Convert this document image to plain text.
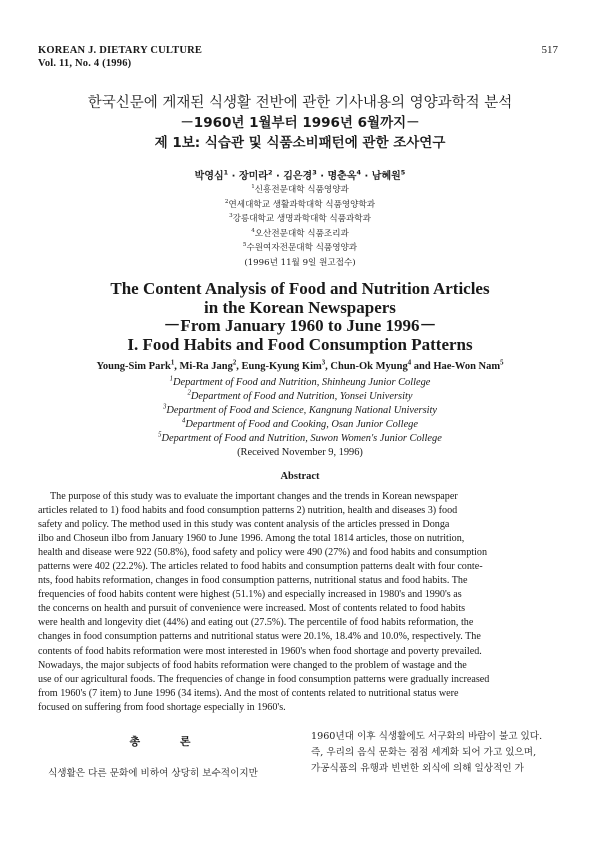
KOREAN J. DIETARY CULTURE
Vol. 11, No. 4 (1996)
517
한국신문에 게재된 식생활 전반에 관한 기사내용의 영양과학적 분석
－1960년 1월부터 1996년 6월까지－
제 1보: 식습관 및 식품소비패턴에 관한 조사연구
박영심$^1$ · 장미라$^2$ · 김은경$^3$ · 명춘옥$^4$ · 남혜원$^5$
$^1$신흥전문대학 식품영양과
$^2$연세대학교 생활과학대학 식품영양학과
$^3$강릉대학교 생명과학대학 식품과학과
$^4$오산전문대학 식품조리과
$^5$수원여자전문대학 식품영양과
(1996년 11월 9일 원고접수)
The Content Analysis of Food and Nutrition Articles
in the Korean Newspapers
－From January 1960 to June 1996－
I. Food Habits and Food Consumption Patterns
Young-Sim Park$^1$, Mi-Ra Jang$^2$, Eung-Kyung Kim$^3$, Chun-Ok Myung$^4$ and Hae-Won Nam$^5$
$^1$Department of Food and Nutrition, Shinheung Junior College
$^2$Department of Food and Nutrition, Yonsei University
$^3$Department of Food and Science, Kangnung National University
$^4$Department of Food and Cooking, Osan Junior College
$^5$Department of Food and Nutrition, Suwon Women's Junior College
(Received November 9, 1996)
Abstract
The purpose of this study was to evaluate the important changes and the trends in Korean newspaper
articles related to 1) food habits and food consumption patterns 2) nutrition, health and diseases 3) food
safety and policy. The method used in this study was content analysis of the articles pressed in Donga
ilbo and Choseun ilbo from January 1960 to June 1996. Among the total 1814 articles, those on nutrition,
health and disease were 922 (50.8%), food safety and policy were 490 (27%) and food habits and consumption
patterns were 402 (22.2%). The articles related to food habits and consumption patterns dealt with four conte-
nts, food habits reformation, changes in food consumption patterns, nutritional status and food habits. The
frequencies of food habits content were highest (51.1%) and especially increased in 1980's and 1990's as
the concerns on health and pursuit of convenience were increased. Most of contents related to food habits
were health and longevity diet (44%) and eating out (27.5%). The percentile of food habits reformation, the
changes in food consumption patterns and nutritional status were 20.1%, 18.4% and 10.0%, respectively. The
contents of food habits reformation were most interested in 1960's when food shortage and poverty prevailed.
Nowadays, the major subjects of food habits reformation were changed to the problem of wastage and the
use of our agricultural foods. The frequencies of change in food consumption patterns were gradually increased
from 1960's (7 item) to June 1996 (34 items). And the most of contents related to nutritional status were
focused on suffering from food shortage especially in 1960's.
총 론
식생활은 다른 문화에 비하여 상당히 보수적이지만
1960년대 이후 식생활에도 서구화의 바람이 불고 있다.
즉, 우리의 음식 문화는 점점 세계화 되어 가고 있으며,
가공식품의 유행과 빈번한 외식에 의해 일상적인 가
